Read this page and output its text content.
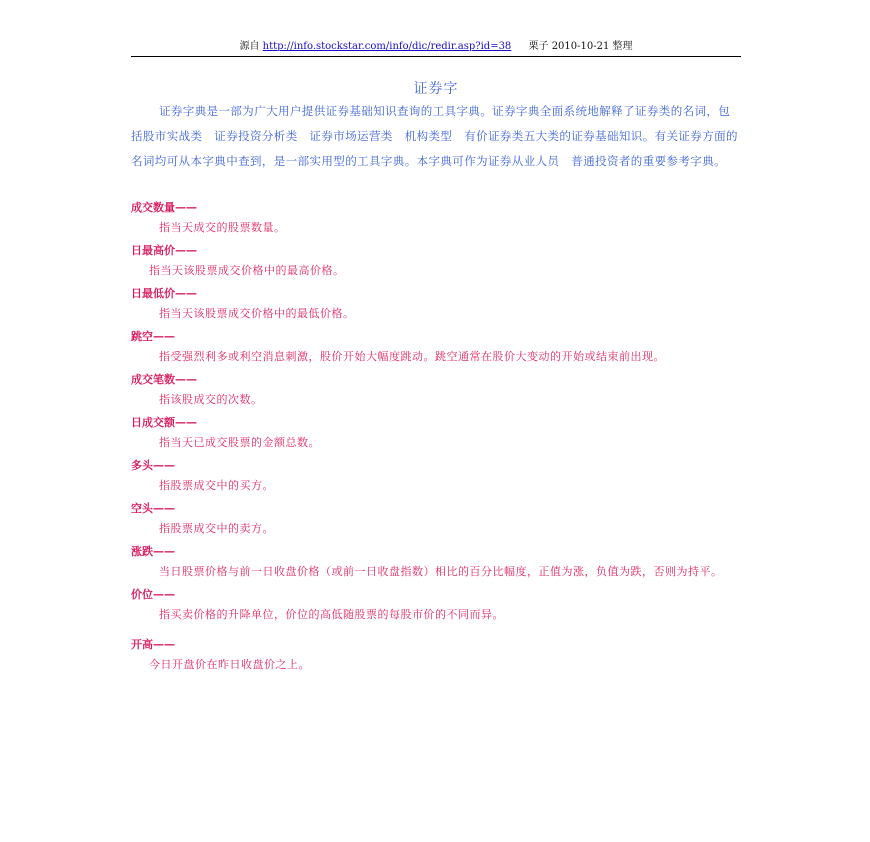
源自 http://info.stockstar.com/info/dic/redir.asp?id=38 栗子 2010-10-21 整理
证券字

证券字典是一部为广大用户提供证券基础知识查询的工具字典。证券字典全面系统地解释了证券类的名词，包括股市实战类　证券投资分析类　证券市场运营类　机构类型　有价证券类五大类的证券基础知识。有关证券方面的名词均可从本字典中查到，是一部实用型的工具字典。本字典可作为证券从业人员　普通投资者的重要参考字典。

成交数量——

指当天成交的股票数量。

日最高价——

指当天该股票成交价格中的最高价格。

日最低价——

指当天该股票成交价格中的最低价格。

跳空——

指受强烈利多或利空消息刺激，股价开始大幅度跳动。跳空通常在股价大变动的开始或结束前出现。

成交笔数——

指该股成交的次数。

日成交额——

指当天已成交股票的金额总数。

多头——

指股票成交中的买方。

空头——

指股票成交中的卖方。

涨跌——

当日股票价格与前一日收盘价格（或前一日收盘指数）相比的百分比幅度，正值为涨，负值为跌，否则为持平。

价位——

指买卖价格的升降单位，价位的高低随股票的每股市价的不同而异。

开高——

今日开盘价在昨日收盘价之上。
